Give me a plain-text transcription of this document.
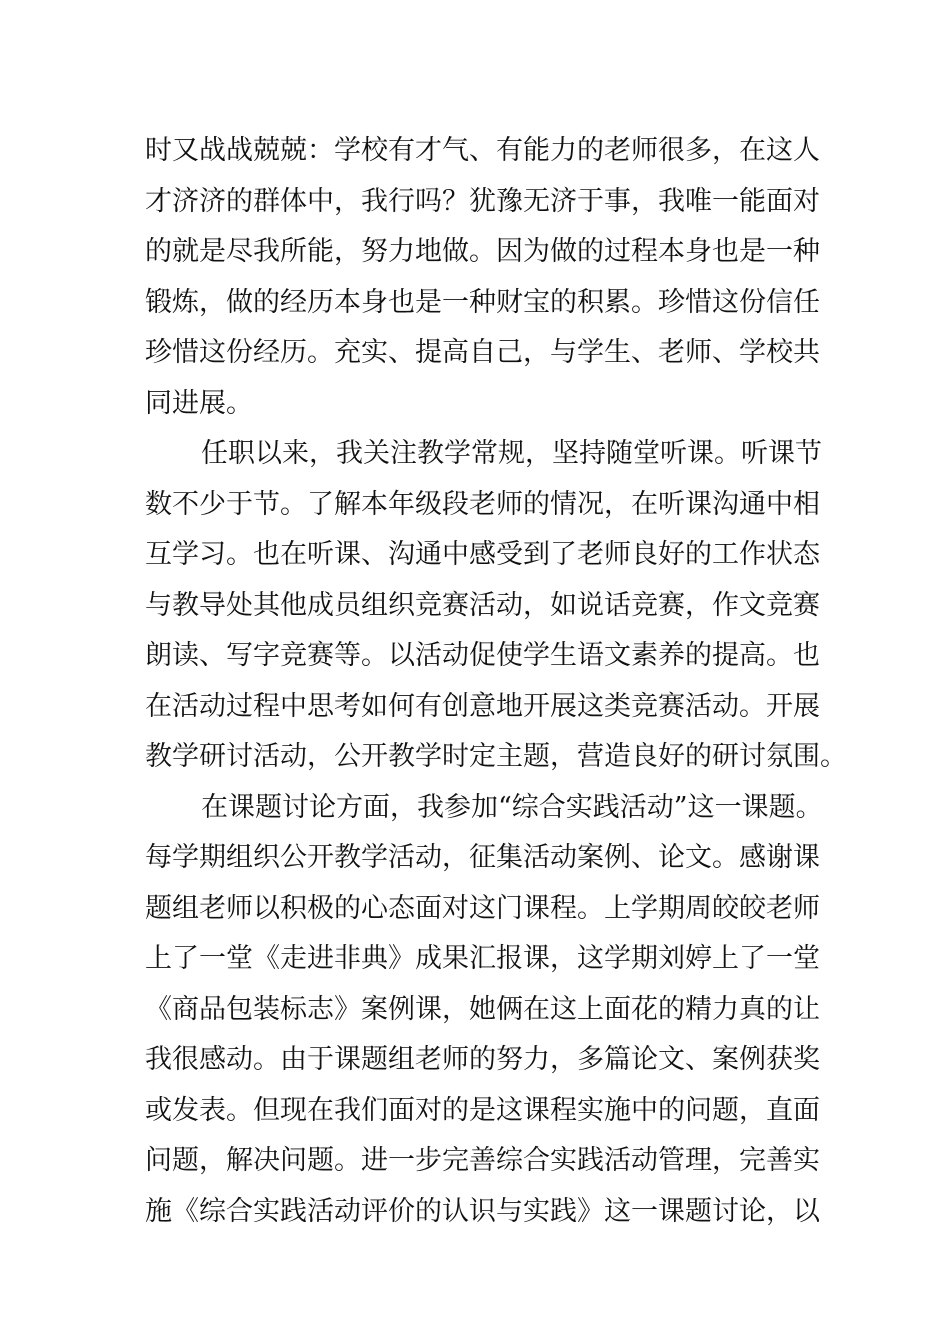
时又战战兢兢：学校有才气、有能力的老师很多，在这人
才济济的群体中，我行吗？犹豫无济于事，我唯一能面对
的就是尽我所能，努力地做。因为做的过程本身也是一种
锻炼，做的经历本身也是一种财宝的积累。珍惜这份信任
珍惜这份经历。充实、提高自己，与学生、老师、学校共
同进展。
任职以来，我关注教学常规，坚持随堂听课。听课节
数不少于节。了解本年级段老师的情况，在听课沟通中相
互学习。也在听课、沟通中感受到了老师良好的工作状态
与教导处其他成员组织竞赛活动，如说话竞赛，作文竞赛
朗读、写字竞赛等。以活动促使学生语文素养的提高。也
在活动过程中思考如何有创意地开展这类竞赛活动。开展
教学研讨活动，公开教学时定主题，营造良好的研讨氛围。
在课题讨论方面，我参加“综合实践活动”这一课题。
每学期组织公开教学活动，征集活动案例、论文。感谢课
题组老师以积极的心态面对这门课程。上学期周皎皎老师
上了一堂《走进非典》成果汇报课，这学期刘婷上了一堂
《商品包装标志》案例课，她俩在这上面花的精力真的让
我很感动。由于课题组老师的努力，多篇论文、案例获奖
或发表。但现在我们面对的是这课程实施中的问题，直面
问题，解决问题。进一步完善综合实践活动管理，完善实
施《综合实践活动评价的认识与实践》这一课题讨论，以
